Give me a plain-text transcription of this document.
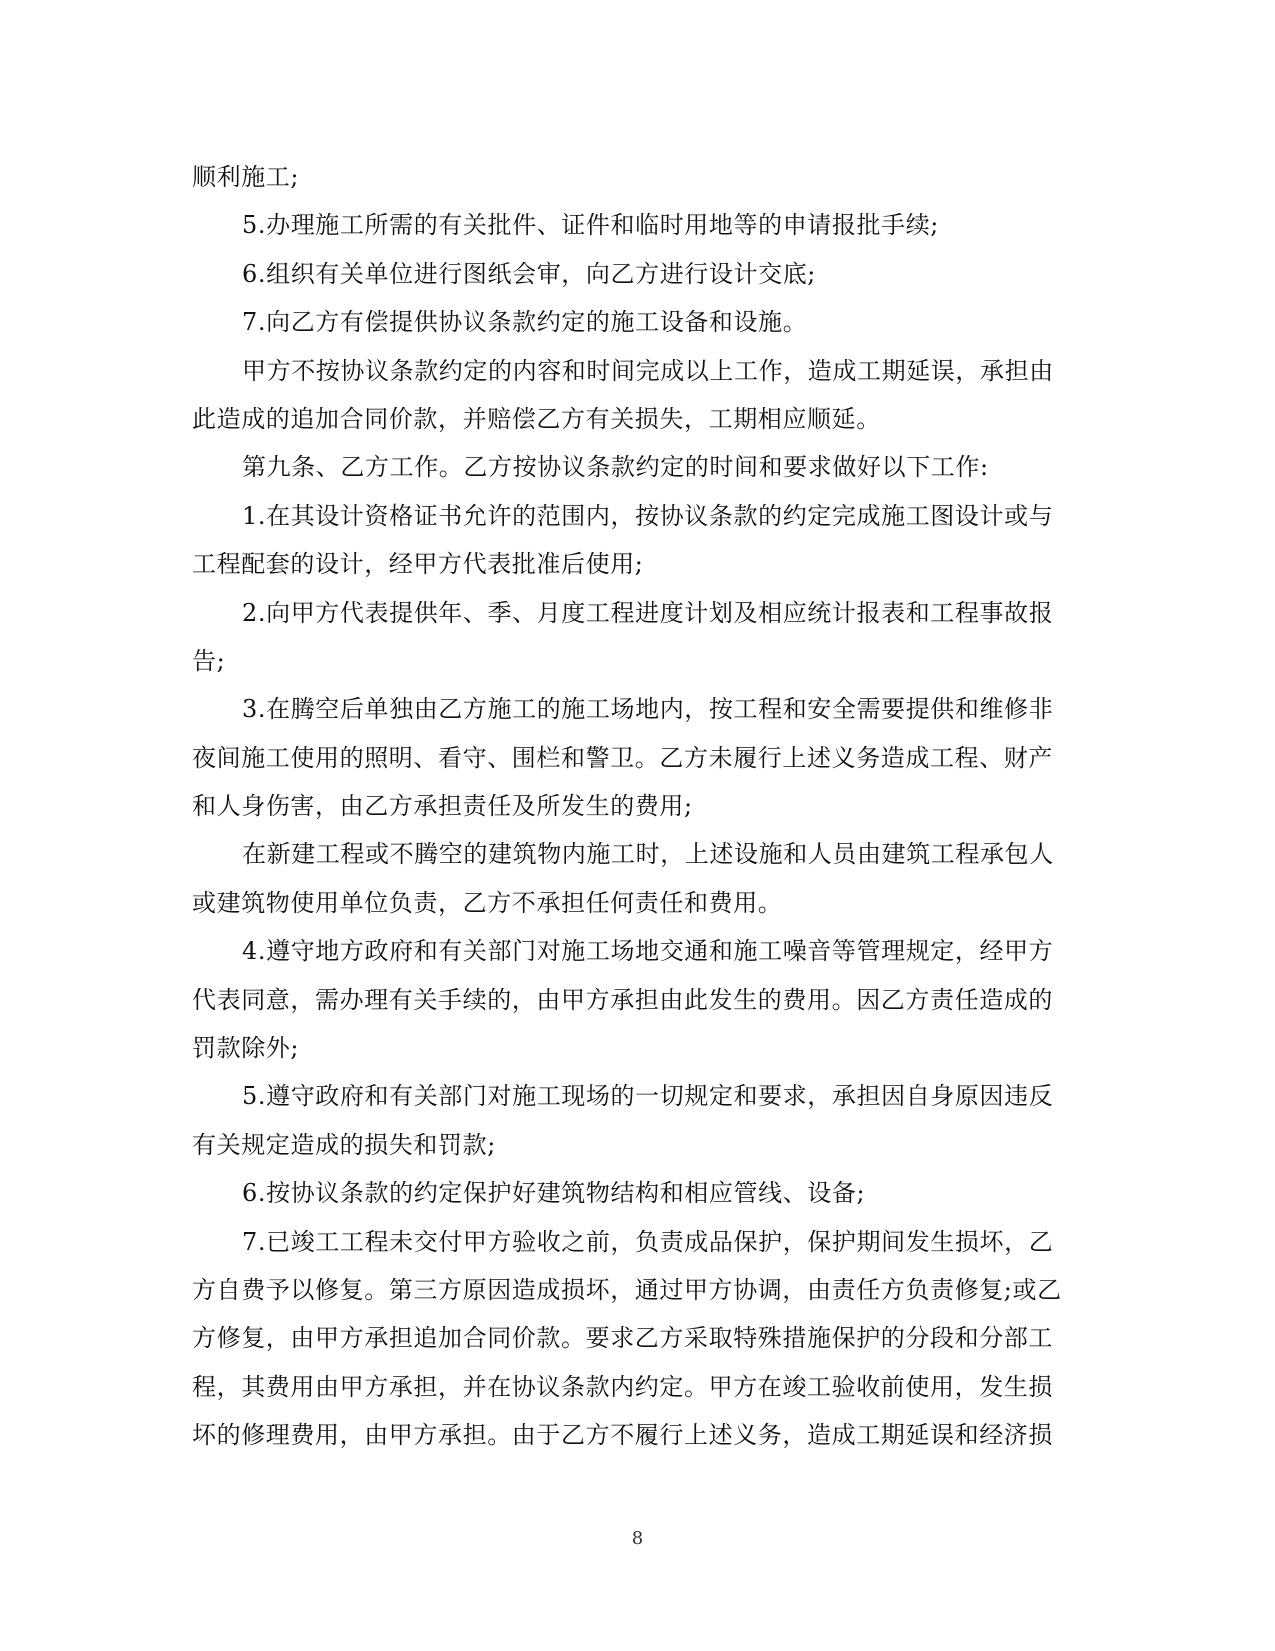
顺利施工;
5.办理施工所需的有关批件、证件和临时用地等的申请报批手续;
6.组织有关单位进行图纸会审，向乙方进行设计交底;
7.向乙方有偿提供协议条款约定的施工设备和设施。
甲方不按协议条款约定的内容和时间完成以上工作，造成工期延误，承担由
此造成的追加合同价款，并赔偿乙方有关损失，工期相应顺延。
第九条、乙方工作。乙方按协议条款约定的时间和要求做好以下工作:
1.在其设计资格证书允许的范围内，按协议条款的约定完成施工图设计或与
工程配套的设计，经甲方代表批准后使用;
2.向甲方代表提供年、季、月度工程进度计划及相应统计报表和工程事故报
告;
3.在腾空后单独由乙方施工的施工场地内，按工程和安全需要提供和维修非
夜间施工使用的照明、看守、围栏和警卫。乙方未履行上述义务造成工程、财产
和人身伤害，由乙方承担责任及所发生的费用;
在新建工程或不腾空的建筑物内施工时，上述设施和人员由建筑工程承包人
或建筑物使用单位负责，乙方不承担任何责任和费用。
4.遵守地方政府和有关部门对施工场地交通和施工噪音等管理规定，经甲方
代表同意，需办理有关手续的，由甲方承担由此发生的费用。因乙方责任造成的
罚款除外;
5.遵守政府和有关部门对施工现场的一切规定和要求，承担因自身原因违反
有关规定造成的损失和罚款;
6.按协议条款的约定保护好建筑物结构和相应管线、设备;
7.已竣工工程未交付甲方验收之前，负责成品保护，保护期间发生损坏，乙
方自费予以修复。第三方原因造成损坏，通过甲方协调，由责任方负责修复;或乙
方修复，由甲方承担追加合同价款。要求乙方采取特殊措施保护的分段和分部工
程，其费用由甲方承担，并在协议条款内约定。甲方在竣工验收前使用，发生损
坏的修理费用，由甲方承担。由于乙方不履行上述义务，造成工期延误和经济损
8
